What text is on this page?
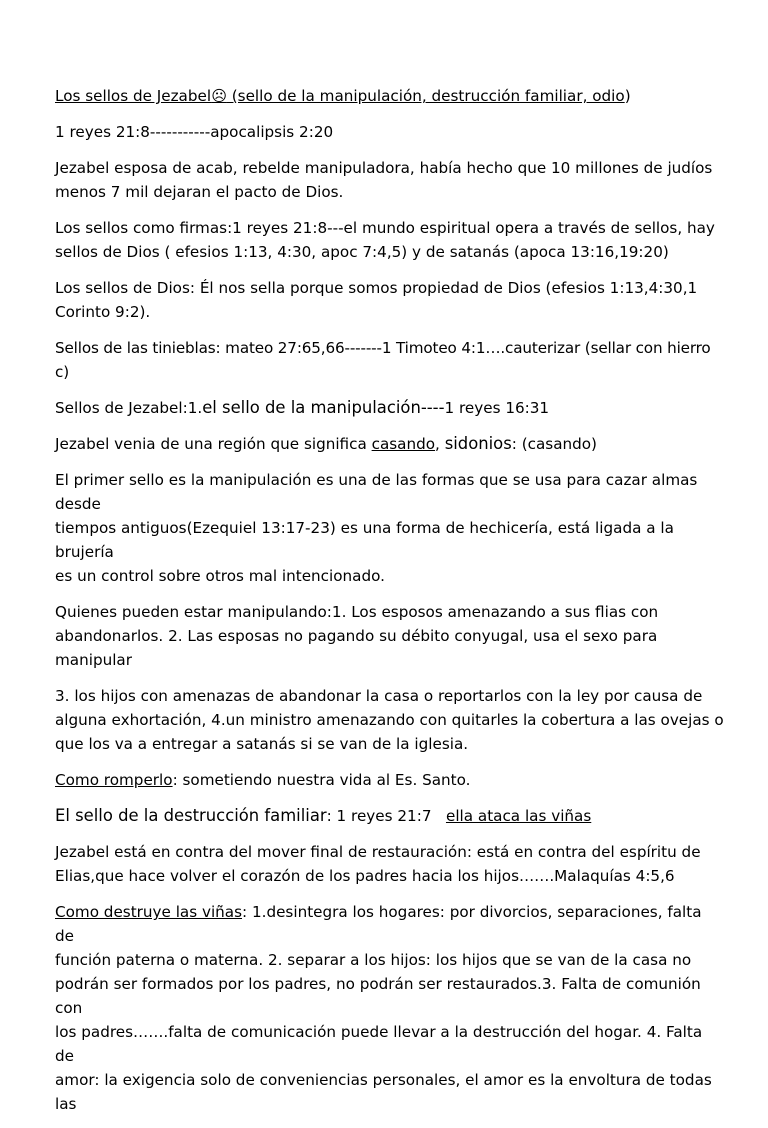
Los sellos de Jezabel☹ (sello de la manipulación, destrucción familiar, odio)

1 reyes 21:8-----------apocalipsis 2:20

Jezabel esposa de acab, rebelde manipuladora, había hecho que 10 millones de judíos
menos 7 mil dejaran el pacto de Dios.

Los sellos como firmas:1 reyes 21:8---el mundo espiritual opera a través de sellos, hay
sellos de Dios ( efesios 1:13, 4:30, apoc 7:4,5) y de satanás (apoca 13:16,19:20)

Los sellos de Dios: Él nos sella porque somos propiedad de Dios (efesios 1:13,4:30,1
Corinto 9:2).

Sellos de las tinieblas: mateo 27:65,66-------1 Timoteo 4:1….cauterizar (sellar con hierro c)

Sellos de Jezabel:1.el sello de la manipulación----1 reyes 16:31

Jezabel venia de una región que significa casando, sidonios: (casando)

El primer sello es la manipulación es una de las formas que se usa para cazar almas desde
tiempos antiguos(Ezequiel 13:17-23) es una forma de hechicería, está ligada a la brujería
es un control sobre otros mal intencionado.

Quienes pueden estar manipulando:1. Los esposos amenazando a sus flias con
abandonarlos. 2. Las esposas no pagando su débito conyugal, usa el sexo para manipular

3. los hijos con amenazas de abandonar la casa o reportarlos con la ley por causa de
alguna exhortación, 4.un ministro amenazando con quitarles la cobertura a las ovejas o
que los va a entregar a satanás si se van de la iglesia.

Como romperlo: sometiendo nuestra vida al Es. Santo.

El sello de la destrucción familiar: 1 reyes 21:7   ella ataca las viñas

Jezabel está en contra del mover final de restauración: está en contra del espíritu de
Elias,que hace volver el corazón de los padres hacia los hijos…….Malaquías 4:5,6

Como destruye las viñas: 1.desintegra los hogares: por divorcios, separaciones, falta de
función paterna o materna. 2. separar a los hijos: los hijos que se van de la casa no
podrán ser formados por los padres, no podrán ser restaurados.3. Falta de comunión con
los padres…….falta de comunicación puede llevar a la destrucción del hogar. 4. Falta de
amor: la exigencia solo de conveniencias personales, el amor es la envoltura de todas las
